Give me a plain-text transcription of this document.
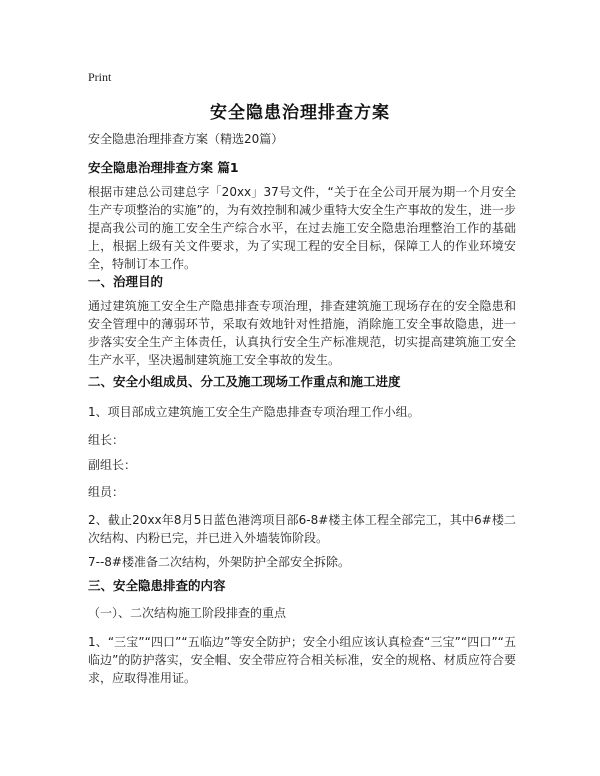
Print
安全隐患治理排查方案
安全隐患治理排查方案（精选20篇）
安全隐患治理排查方案 篇1
根据市建总公司建总字「20xx」37号文件，“关于在全公司开展为期一个月安全生产专项整治的实施”的，为有效控制和减少重特大安全生产事故的发生，进一步提高我公司的施工安全生产综合水平，在过去施工安全隐患治理整治工作的基础上，根据上级有关文件要求，为了实现工程的安全目标，保障工人的作业环境安全，特制订本工作。
一、治理目的
通过建筑施工安全生产隐患排查专项治理，排查建筑施工现场存在的安全隐患和安全管理中的薄弱环节，采取有效地针对性措施，消除施工安全事故隐患，进一步落实安全生产主体责任，认真执行安全生产标准规范，切实提高建筑施工安全生产水平，坚决遏制建筑施工安全事故的发生。
二、安全小组成员、分工及施工现场工作重点和施工进度
1、项目部成立建筑施工安全生产隐患排查专项治理工作小组。
组长：
副组长：
组员：
2、截止20xx年8月5日蓝色港湾项目部6-8#楼主体工程全部完工，其中6#楼二次结构、内粉已完，并已进入外墙装饰阶段。
7--8#楼准备二次结构，外架防护全部安全拆除。
三、安全隐患排查的内容
（一）、二次结构施工阶段排查的重点
1、“三宝”“四口”“五临边”等安全防护；安全小组应该认真检查“三宝”“四口”“五临边”的防护落实，安全帽、安全带应符合相关标准，安全的规格、材质应符合要求，应取得准用证。
